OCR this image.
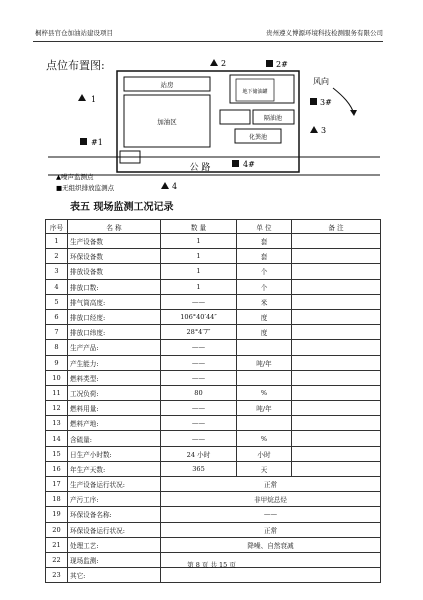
桐梓县官仓加油站建设项目	贵州遵义博源环境科技检测服务有限公司
点位布置图:
站房
加油区
地下储油罐
隔油池
化粪池
公 路
风向
1
2
3
4
#1
2#
3#
4#
▲噪声监测点
■无组织排放监测点
表五 现场监测工况记录
序号	名 称	数 量	单 位	备 注
1	生产设备数	1	套	
2	环保设备数	1	套	
3	排放设备数	1	个	
4	排放口数:	1	个	
5	排气筒高度:	——	米	
6	排放口经度:	106°40′44″	度	
7	排放口纬度:	28°4′7″	度	
8	生产产品:	——		
9	产生能力:	——	吨/年	
10	燃料类型:	——		
11	工况负荷:	80	%	
12	燃料用量:	——	吨/年	
13	燃料产地:	——		
14	含硫量:	——	%	
15	日生产小时数:	24 小时	小时	
16	年生产天数:	365	天	
17	生产设备运行状况:	正常		
18	产污工序:	非甲烷总烃		
19	环保设备名称:	——		
20	环保设备运行状况:	正常		
21	处理工艺:	降噪、自然衰减		
22	现场监测:			
23	其它:			
第 8 页 共 15 页
